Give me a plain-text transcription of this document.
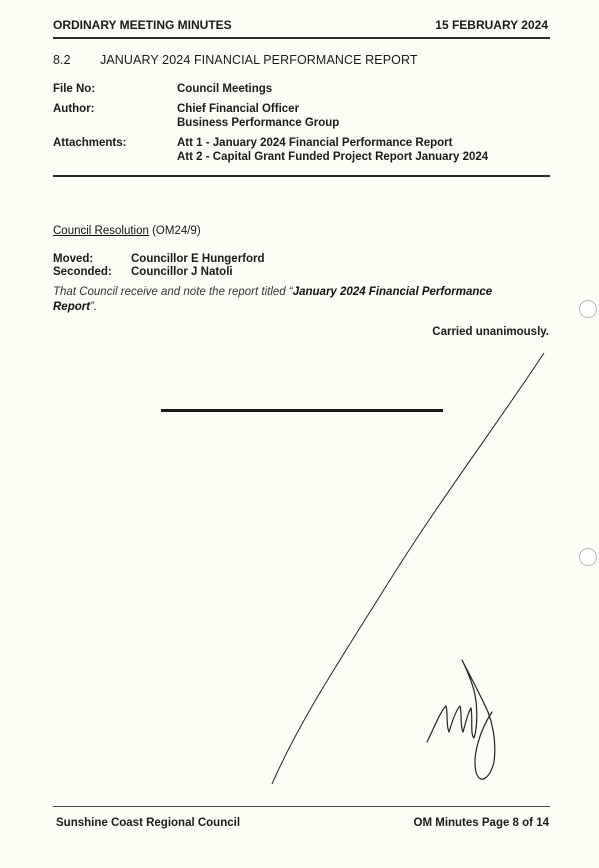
ORDINARY MEETING MINUTES	15 FEBRUARY 2024
8.2 JANUARY 2024 FINANCIAL PERFORMANCE REPORT
File No:	Council Meetings
Author:	Chief Financial Officer
Business Performance Group
Attachments:	Att 1 - January 2024 Financial Performance Report
Att 2 - Capital Grant Funded Project Report January 2024
Council Resolution (OM24/9)
Moved:	Councillor E Hungerford
Seconded: Councillor J Natoli
That Council receive and note the report titled “January 2024 Financial Performance Report”.
Carried unanimously.
Sunshine Coast Regional Council	OM Minutes Page 8 of 14
